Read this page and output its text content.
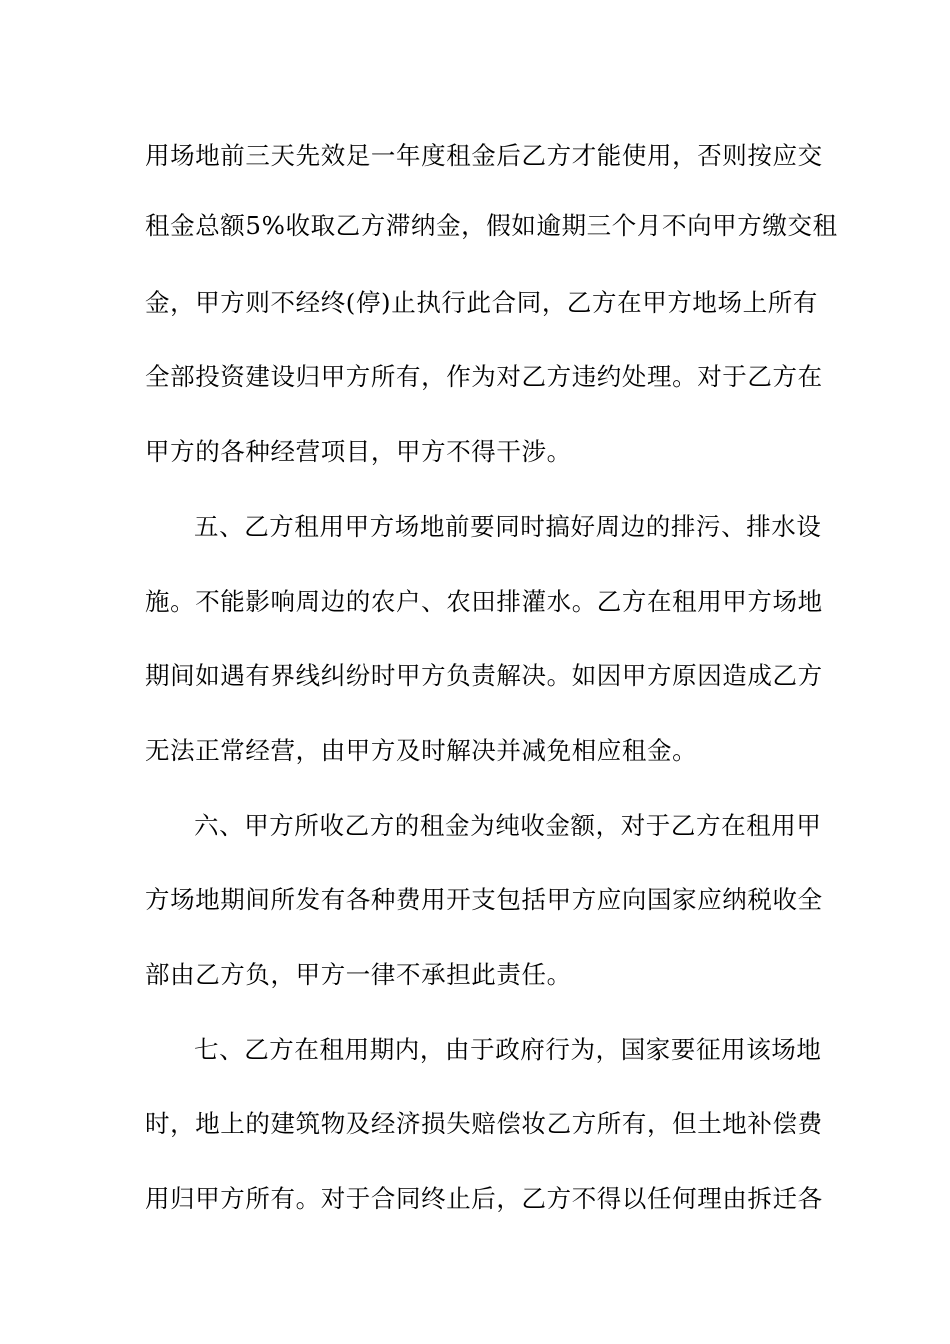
用场地前三天先效足一年度租金后乙方才能使用，否则按应交
租金总额5%收取乙方滞纳金，假如逾期三个月不向甲方缴交租
金，甲方则不经终(停)止执行此合同，乙方在甲方地场上所有
全部投资建设归甲方所有，作为对乙方违约处理。对于乙方在
甲方的各种经营项目，甲方不得干涉。
五、乙方租用甲方场地前要同时搞好周边的排污、排水设
施。不能影响周边的农户、农田排灌水。乙方在租用甲方场地
期间如遇有界线纠纷时甲方负责解决。如因甲方原因造成乙方
无法正常经营，由甲方及时解决并减免相应租金。
六、甲方所收乙方的租金为纯收金额，对于乙方在租用甲
方场地期间所发有各种费用开支包括甲方应向国家应纳税收全
部由乙方负，甲方一律不承担此责任。
七、乙方在租用期内，由于政府行为，国家要征用该场地
时，地上的建筑物及经济损失赔偿妆乙方所有，但土地补偿费
用归甲方所有。对于合同终止后，乙方不得以任何理由拆迁各
